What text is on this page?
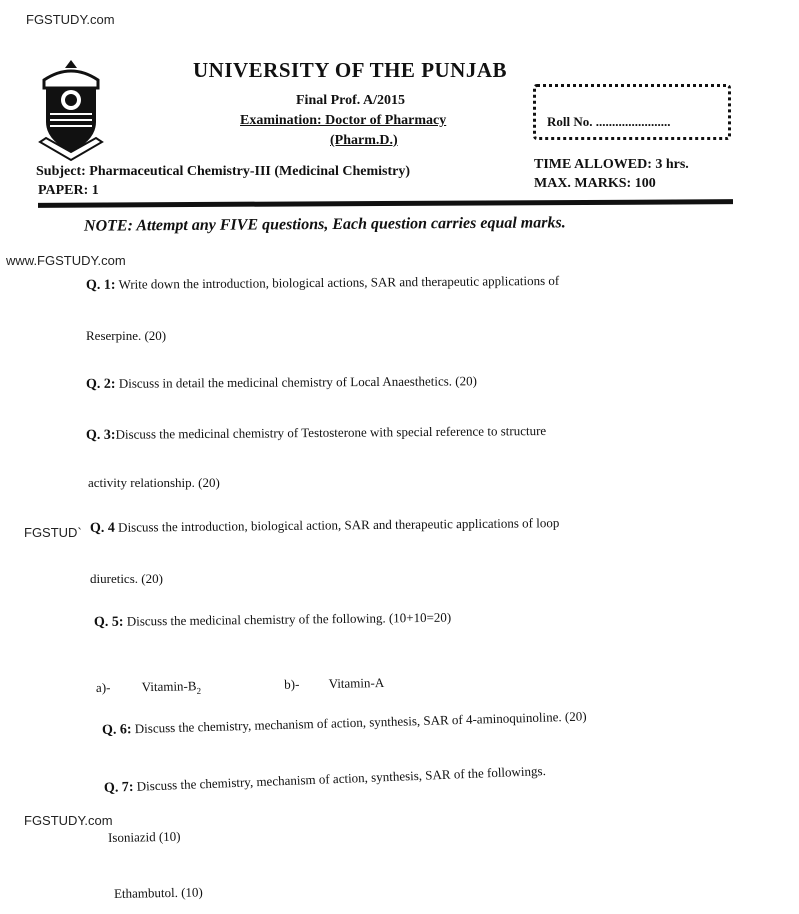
FGSTUDY.com
www.FGSTUDY.com
FGSTUD`
FGSTUDY.com
UNIVERSITY OF THE PUNJAB
Final Prof. A/2015
Examination: Doctor of Pharmacy
(Pharm.D.)
Roll No. .......................
Subject: Pharmaceutical Chemistry-III (Medicinal Chemistry)
PAPER: 1
TIME ALLOWED: 3 hrs.
MAX. MARKS: 100
NOTE: Attempt any FIVE questions, Each question carries equal marks.
Q. 1: Write down the introduction, biological actions, SAR and therapeutic applications of
Reserpine. (20)
Q. 2: Discuss in detail the medicinal chemistry of Local Anaesthetics. (20)
Q. 3:Discuss the medicinal chemistry of Testosterone with special reference to structure
activity relationship. (20)
Q. 4 Discuss the introduction, biological action, SAR and therapeutic applications of loop
diuretics. (20)
Q. 5: Discuss the medicinal chemistry of the following. (10+10=20)
a)- Vitamin-$B_2$	b)- Vitamin-A
Q. 6: Discuss the chemistry, mechanism of action, synthesis, SAR of 4-aminoquinoline. (20)
Q. 7: Discuss the chemistry, mechanism of action, synthesis, SAR of the followings.
Isoniazid (10)
Ethambutol. (10)
